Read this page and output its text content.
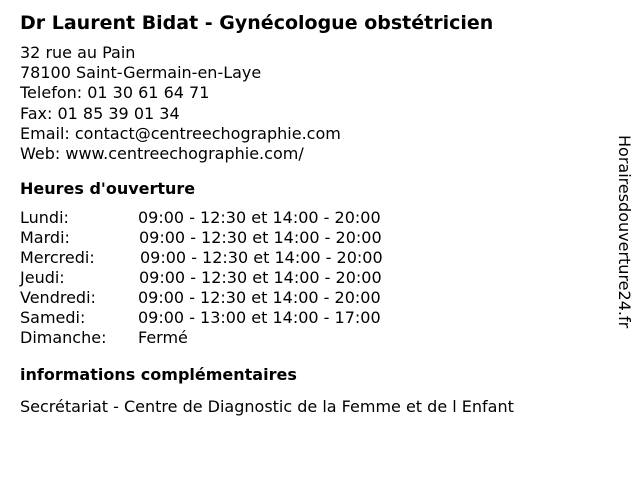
Dr Laurent Bidat - Gynécologue obstétricien
32 rue au Pain
78100 Saint-Germain-en-Laye
Telefon: 01 30 61 64 71
Fax: 01 85 39 01 34
Email: contact@centreechographie.com
Web: www.centreechographie.com/
Heures d'ouverture
Lundi:	09:00 - 12:30 et 14:00 - 20:00
Mardi:	09:00 - 12:30 et 14:00 - 20:00
Mercredi:	09:00 - 12:30 et 14:00 - 20:00
Jeudi:	09:00 - 12:30 et 14:00 - 20:00
Vendredi:	09:00 - 12:30 et 14:00 - 20:00
Samedi:	09:00 - 13:00 et 14:00 - 17:00
Dimanche:	Fermé
informations complémentaires
Secrétariat - Centre de Diagnostic de la Femme et de l Enfant
Horairesdouverture24.fr
